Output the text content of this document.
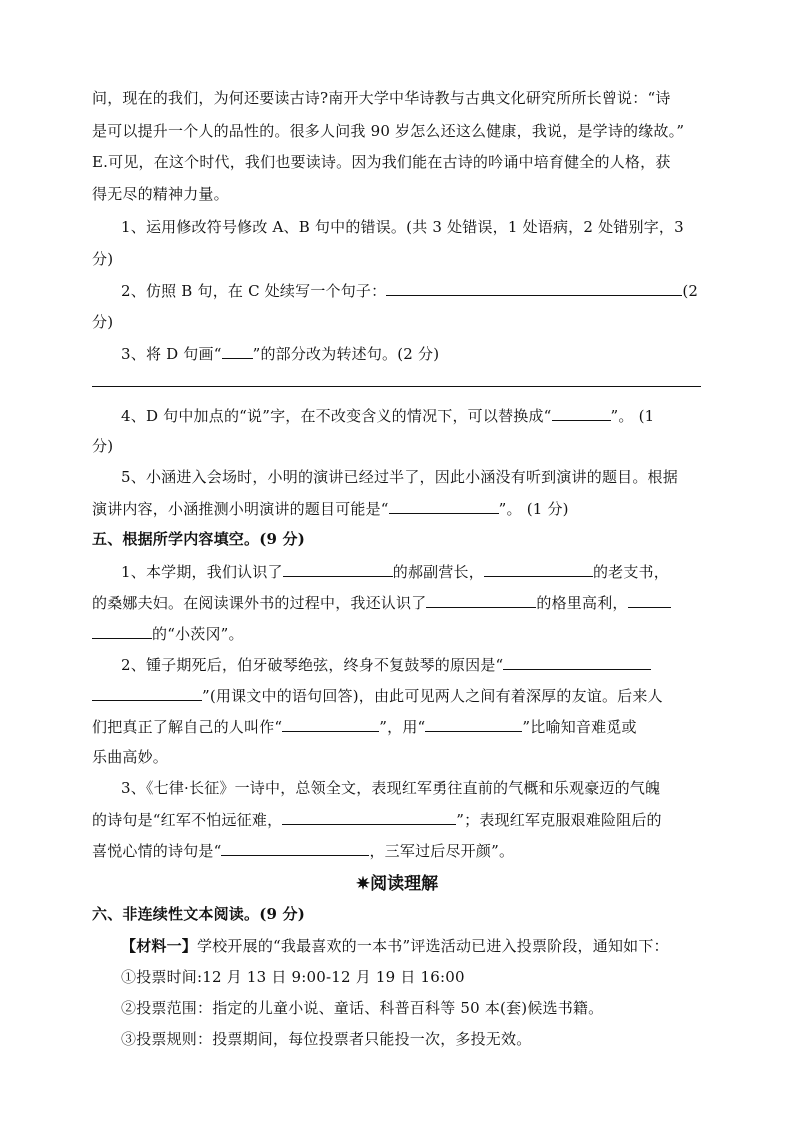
问，现在的我们，为何还要读古诗?南开大学中华诗教与古典文化研究所所长曾说：“诗
是可以提升一个人的品性的。很多人问我 90 岁怎么还这么健康，我说，是学诗的缘故。”
E.可见，在这个时代，我们也要读诗。因为我们能在古诗的吟诵中培育健全的人格，获
得无尽的精神力量。
1、运用修改符号修改 A、B 句中的错误。(共 3 处错误，1 处语病，2 处错别字，3
分)
2、仿照 B 句，在 C 处续写一个句子：	(2
分)
3、将 D 句画“ ”的部分改为转述句。(2 分)
4、D 句中加点的“说”字，在不改变含义的情况下，可以替换成“	”。 (1
分)
5、小涵进入会场时，小明的演讲已经过半了，因此小涵没有听到演讲的题目。根据
演讲内容，小涵推测小明演讲的题目可能是“	”。 (1 分)
五、根据所学内容填空。(9 分)
1、本学期，我们认识了	的郝副营长，	的老支书，
的桑娜夫妇。在阅读课外书的过程中，我还认识了	的格里高利，
的“小茨冈”。
2、锺子期死后，伯牙破琴绝弦，终身不复鼓琴的原因是“
”(用课文中的语句回答)，由此可见两人之间有着深厚的友谊。后来人
们把真正了解自己的人叫作“	”，用“	”比喻知音难觅或
乐曲高妙。
3、《七律·长征》一诗中，总领全文，表现红军勇往直前的气概和乐观豪迈的气魄
的诗句是“红军不怕远征难，	”；表现红军克服艰难险阻后的
喜悦心情的诗句是“	，三军过后尽开颜”。
✷阅读理解
六、非连续性文本阅读。(9 分)
【材料一】学校开展的“我最喜欢的一本书”评选活动已进入投票阶段，通知如下：
①投票时间:12 月 13 日 9:00-12 月 19 日 16:00
②投票范围：指定的儿童小说、童话、科普百科等 50 本(套)候选书籍。
③投票规则：投票期间，每位投票者只能投一次，多投无效。
